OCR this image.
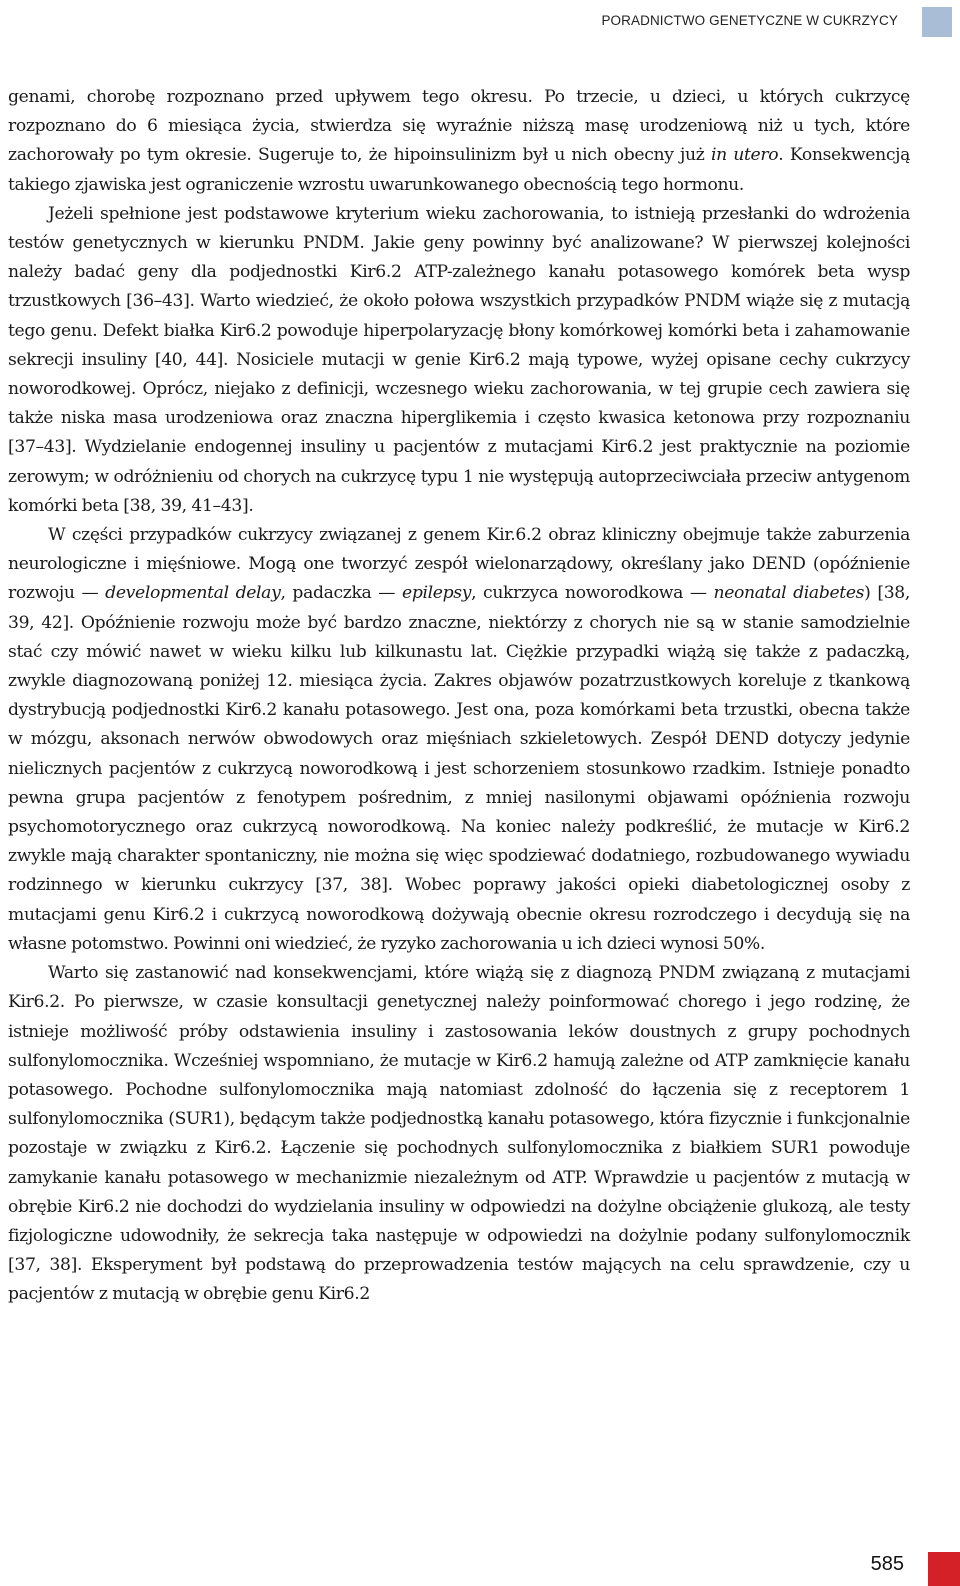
PORADNICTWO GENETYCZNE W CUKRZYCY

genami, chorobę rozpoznano przed upływem tego okresu. Po trzecie, u dzieci, u których cukrzycę rozpoznano do 6 miesiąca życia, stwierdza się wyraźnie niższą masę urodzeniową niż u tych, które zachorowały po tym okresie. Sugeruje to, że hipoinsulinizm był u nich obecny już in utero. Konsekwencją takiego zjawiska jest ograniczenie wzrostu uwarunkowanego obecnością tego hormonu.

Jeżeli spełnione jest podstawowe kryterium wieku zachorowania, to istnieją przesłanki do wdrożenia testów genetycznych w kierunku PNDM. Jakie geny powinny być analizowane? W pierwszej kolejności należy badać geny dla podjednostki Kir6.2 ATP-zależnego kanału potasowego komórek beta wysp trzustkowych [36–43]. Warto wiedzieć, że około połowa wszystkich przypadków PNDM wiąże się z mutacją tego genu. Defekt białka Kir6.2 powoduje hiperpolaryzację błony komórkowej komórki beta i zahamowanie sekrecji insuliny [40, 44]. Nosiciele mutacji w genie Kir6.2 mają typowe, wyżej opisane cechy cukrzycy noworodkowej. Oprócz, niejako z definicji, wczesnego wieku zachorowania, w tej grupie cech zawiera się także niska masa urodzeniowa oraz znaczna hiperglikemia i często kwasica ketonowa przy rozpoznaniu [37–43]. Wydzielanie endogennej insuliny u pacjentów z mutacjami Kir6.2 jest praktycznie na poziomie zerowym; w odróżnieniu od chorych na cukrzycę typu 1 nie występują autoprzeciwciała przeciw antygenom komórki beta [38, 39, 41–43].

W części przypadków cukrzycy związanej z genem Kir.6.2 obraz kliniczny obejmuje także zaburzenia neurologiczne i mięśniowe. Mogą one tworzyć zespół wielonarządowy, określany jako DEND (opóźnienie rozwoju — developmental delay, padaczka — epilepsy, cukrzyca noworodkowa — neonatal diabetes) [38, 39, 42]. Opóźnienie rozwoju może być bardzo znaczne, niektórzy z chorych nie są w stanie samodzielnie stać czy mówić nawet w wieku kilku lub kilkunastu lat. Ciężkie przypadki wiążą się także z padaczką, zwykle diagnozowaną poniżej 12. miesiąca życia. Zakres objawów pozatrzustkowych koreluje z tkankową dystrybucją podjednostki Kir6.2 kanału potasowego. Jest ona, poza komórkami beta trzustki, obecna także w mózgu, aksonach nerwów obwodowych oraz mięśniach szkieletowych. Zespół DEND dotyczy jedynie nielicznych pacjentów z cukrzycą noworodkową i jest schorzeniem stosunkowo rzadkim. Istnieje ponadto pewna grupa pacjentów z fenotypem pośrednim, z mniej nasilonymi objawami opóźnienia rozwoju psychomotorycznego oraz cukrzycą noworodkową. Na koniec należy podkreślić, że mutacje w Kir6.2 zwykle mają charakter spontaniczny, nie można się więc spodziewać dodatniego, rozbudowanego wywiadu rodzinnego w kierunku cukrzycy [37, 38]. Wobec poprawy jakości opieki diabetologicznej osoby z mutacjami genu Kir6.2 i cukrzycą noworodkową dożywają obecnie okresu rozrodczego i decydują się na własne potomstwo. Powinni oni wiedzieć, że ryzyko zachorowania u ich dzieci wynosi 50%.

Warto się zastanowić nad konsekwencjami, które wiążą się z diagnozą PNDM związaną z mutacjami Kir6.2. Po pierwsze, w czasie konsultacji genetycznej należy poinformować chorego i jego rodzinę, że istnieje możliwość próby odstawienia insuliny i zastosowania leków doustnych z grupy pochodnych sulfonylomocznika. Wcześniej wspomniano, że mutacje w Kir6.2 hamują zależne od ATP zamknięcie kanału potasowego. Pochodne sulfonylomocznika mają natomiast zdolność do łączenia się z receptorem 1 sulfonylomocznika (SUR1), będącym także podjednostką kanału potasowego, która fizycznie i funkcjonalnie pozostaje w związku z Kir6.2. Łączenie się pochodnych sulfonylomocznika z białkiem SUR1 powoduje zamykanie kanału potasowego w mechanizmie niezależnym od ATP. Wprawdzie u pacjentów z mutacją w obrębie Kir6.2 nie dochodzi do wydzielania insuliny w odpowiedzi na dożylne obciążenie glukozą, ale testy fizjologiczne udowodniły, że sekrecja taka następuje w odpowiedzi na dożylnie podany sulfonylomocznik [37, 38]. Eksperyment był podstawą do przeprowadzenia testów mających na celu sprawdzenie, czy u pacjentów z mutacją w obrębie genu Kir6.2

585
